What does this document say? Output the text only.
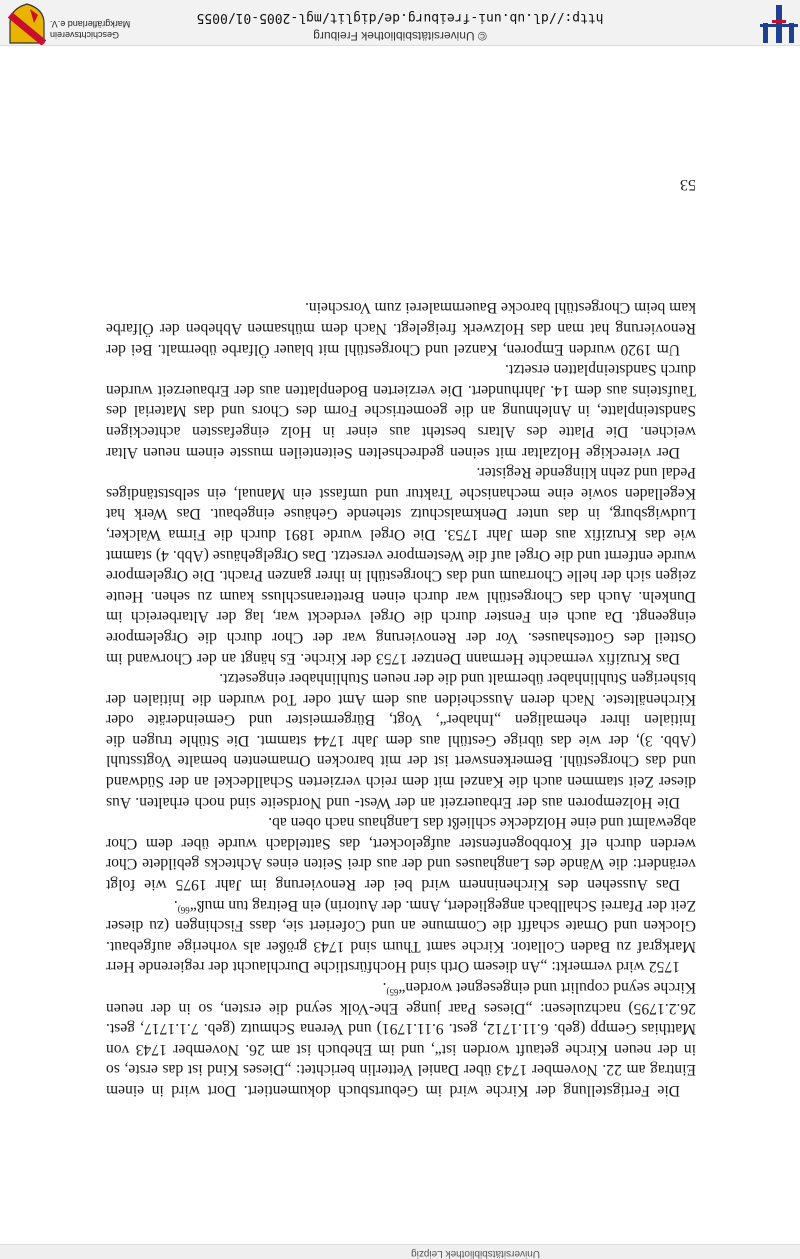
Universitätsbibliothek Leipzig

Die Fertigstellung der Kirche wird im Geburtsbuch dokumentiert. Dort wird in einem Eintrag am 22. November 1743 über Daniel Vetterlin berichtet: „Dieses Kind ist das erste, so in der neuen Kirche getauft worden ist“, und im Ehebuch ist am 26. November 1743 von Matthias Gempp (geb. 6.11.1712, gest. 9.11.1791) und Verena Schmutz (geb. 7.1.1717, gest. 26.2.1795) nachzulesen: „Dieses Paar junge Ehe-Volk seynd die ersten, so in der neuen Kirche seynd copulirt und eingesegnet worden“$^{65)}$.

1752 wird vermerkt: „An diesem Orth sind Hochfürstliche Durchlaucht der regierende Herr Markgraf zu Baden Collator. Kirche samt Thurn sind 1743 größer als vorherige aufgebaut. Glocken und Ornate schafft die Commune an und Coferiert sie, dass Fischingen (zu dieser Zeit der Pfarrei Schallbach angegliedert, Anm. der Autorin) ein Beitrag tun muß“$^{66)}$.

Das Aussehen des Kircheninnern wird bei der Renovierung im Jahr 1975 wie folgt verändert: die Wände des Langhauses und der aus drei Seiten eines Achtecks gebildete Chor werden durch elf Korbbogenfenster aufgelockert, das Satteldach wurde über dem Chor abgewalmt und eine Holzdecke schließt das Langhaus nach oben ab.

Die Holzemporen aus der Erbauerzeit an der West- und Nordseite sind noch erhalten. Aus dieser Zeit stammen auch die Kanzel mit dem reich verzierten Schalldeckel an der Südwand und das Chorgestühl. Bemerkenswert ist der mit barocken Ornamenten bemalte Vogtsstuhl (Abb. 3), der wie das übrige Gestühl aus dem Jahr 1744 stammt. Die Stühle trugen die Initialen ihrer ehemaligen „Inhaber“, Vogt, Bürgermeister und Gemeinderäte oder Kirchenälteste. Nach deren Ausscheiden aus dem Amt oder Tod wurden die Initialen der bisherigen Stuhlinhaber übermalt und die der neuen Stuhlinhaber eingesetzt.

Das Kruzifix vermachte Hermann Dentzer 1753 der Kirche. Es hängt an der Chorwand im Ostteil des Gotteshauses. Vor der Renovierung war der Chor durch die Orgelempore eingeengt. Da auch ein Fenster durch die Orgel verdeckt war, lag der Altarbereich im Dunkeln. Auch das Chorgestühl war durch einen Bretteranschluss kaum zu sehen. Heute zeigen sich der helle Chorraum und das Chorgestühl in ihrer ganzen Pracht. Die Orgelempore wurde entfernt und die Orgel auf die Westempore versetzt. Das Orgelgehäuse (Abb. 4) stammt wie das Kruzifix aus dem Jahr 1753. Die Orgel wurde 1891 durch die Firma Walcker, Ludwigsburg, in das unter Denkmalschutz stehende Gehäuse eingebaut. Das Werk hat Kegelladen sowie eine mechanische Traktur und umfasst ein Manual, ein selbstständiges Pedal und zehn klingende Register.

Der viereckige Holzaltar mit seinen gedrechselten Seitenteilen musste einem neuen Altar weichen. Die Platte des Altars besteht aus einer in Holz eingefassten achteckigen Sandsteinplatte, in Anlehnung an die geometrische Form des Chors und das Material des Taufsteins aus dem 14. Jahrhundert. Die verzierten Bodenplatten aus der Erbauerzeit wurden durch Sandsteinplatten ersetzt.

Um 1920 wurden Emporen, Kanzel und Chorgestühl mit blauer Ölfarbe übermalt. Bei der Renovierung hat man das Holzwerk freigelegt. Nach dem mühsamen Abheben der Ölfarbe kam beim Chorgestühl barocke Bauernmalerei zum Vorschein.

53
© Universitätsbibliothek Freiburg
http://dl.ub.uni-freiburg.de/diglit/mgl-2005-01/0055
Geschichtsverein
Markgräflerland e.V.
